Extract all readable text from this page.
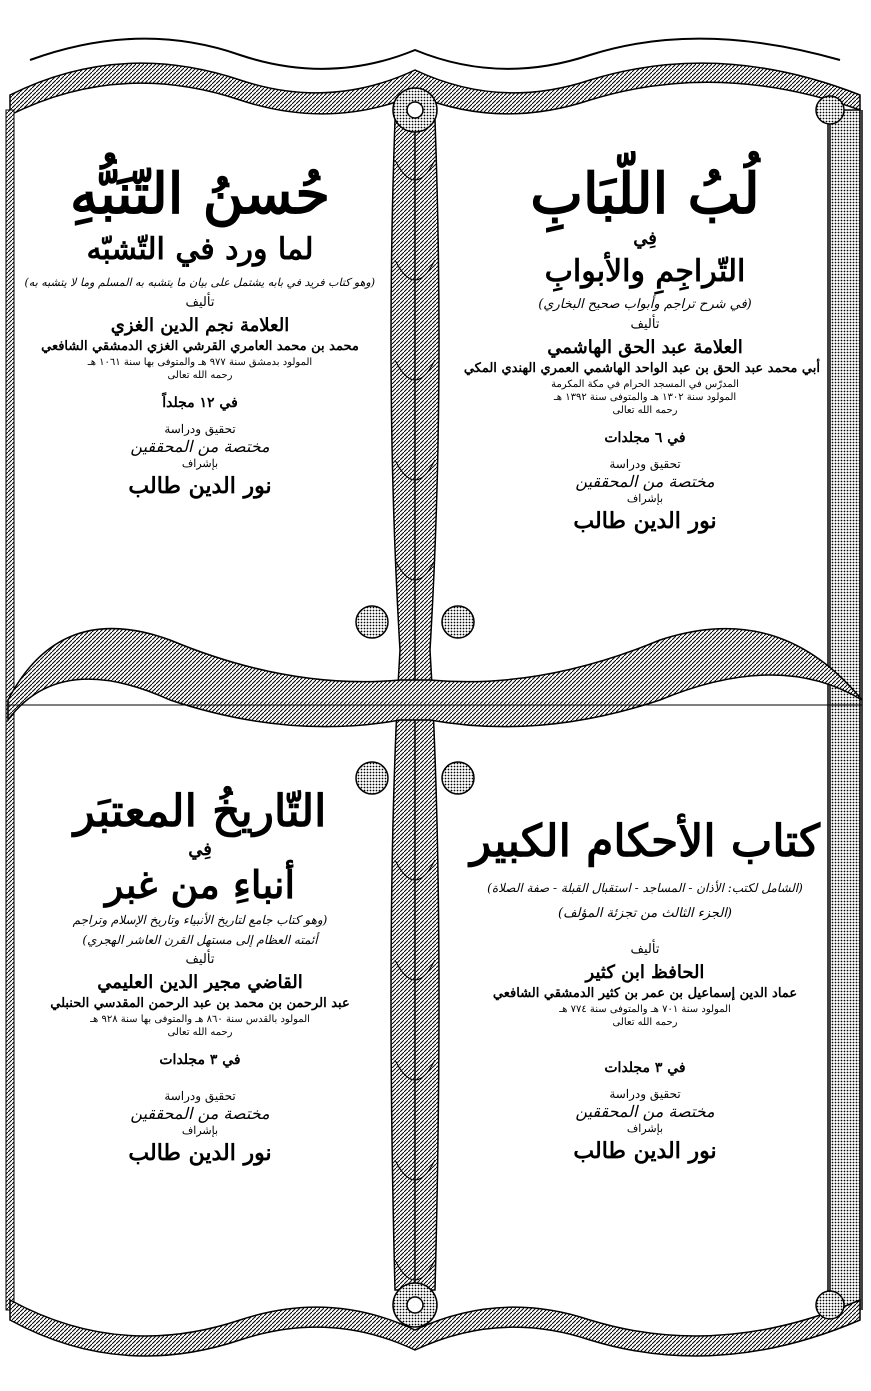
لُبُ اللّبَابِ

فِي

التّراجِمِ والأبوابِ

(في شرح تراجم وأبواب صحيح البخاري)

تأليف

العلامة عبد الحق الهاشمي

أبي محمد عبد الحق بن عبد الواحد الهاشمي العمري الهندي المكي

المدرّس في المسجد الحرام في مكة المكرمة

المولود سنة ١٣٠٢ هـ والمتوفى سنة ١٣٩٢ هـ

رحمه الله تعالى

في ٦ مجلدات

تحقيق ودراسة

مختصة من المحققين

بإشراف

نور الدين طالب

حُسنُ التّنَبُّهِ

لما ورد في التّشبّه

(وهو كتاب فريد في بابه يشتمل على بيان ما يتشبه به المسلم وما لا يتشبه به)

تأليف

العلامة نجم الدين الغزي

محمد بن محمد العامري القرشي الغزي الدمشقي الشافعي

المولود بدمشق سنة ٩٧٧ هـ والمتوفى بها سنة ١٠٦١ هـ

رحمه الله تعالى

في ١٢ مجلداً

تحقيق ودراسة

مختصة من المحققين

بإشراف

نور الدين طالب

كتاب الأحكام الكبير

(الشامل لكتب: الأذان - المساجد - استقبال القبلة - صفة الصلاة)

(الجزء الثالث من تجزئة المؤلف)

تأليف

الحافظ ابن كثير

عماد الدين إسماعيل بن عمر بن كثير الدمشقي الشافعي

المولود سنة ٧٠١ هـ والمتوفى سنة ٧٧٤ هـ

رحمه الله تعالى

في ٣ مجلدات

تحقيق ودراسة

مختصة من المحققين

بإشراف

نور الدين طالب

التّاريخُ المعتبَر

فِي

أنباءِ من غبر

(وهو كتاب جامع لتاريخ الأنبياء وتاريخ الإسلام وتراجم

أئمته العظام إلى مستهل القرن العاشر الهجري)

تأليف

القاضي مجير الدين العليمي

عبد الرحمن بن محمد بن عبد الرحمن المقدسي الحنبلي

المولود بالقدس سنة ٨٦٠ هـ والمتوفى بها سنة ٩٢٨ هـ

رحمه الله تعالى

في ٣ مجلدات

تحقيق ودراسة

مختصة من المحققين

بإشراف

نور الدين طالب
